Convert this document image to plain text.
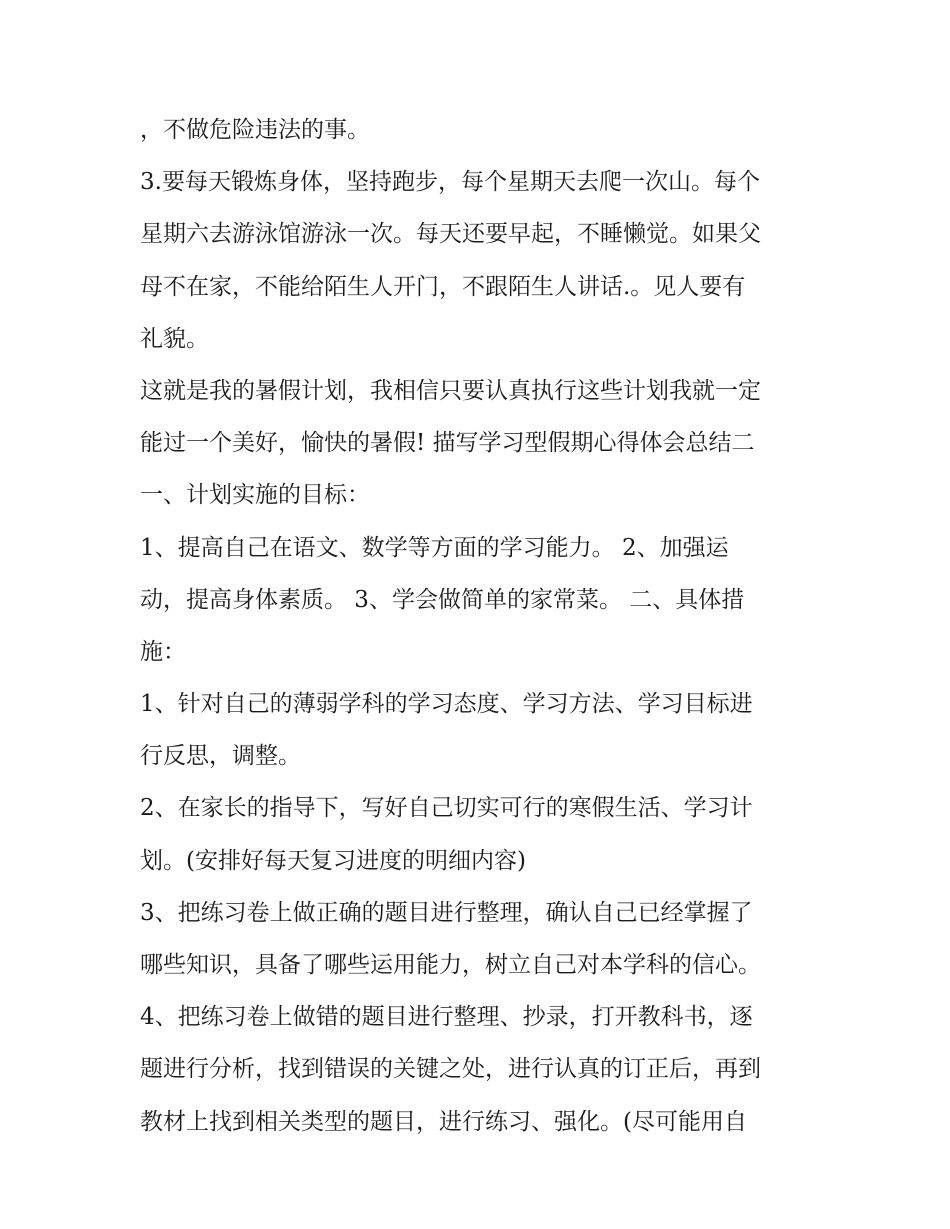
，不做危险违法的事。
3.要每天锻炼身体，坚持跑步，每个星期天去爬一次山。每个
星期六去游泳馆游泳一次。每天还要早起，不睡懒觉。如果父
母不在家，不能给陌生人开门，不跟陌生人讲话.。见人要有
礼貌。
这就是我的暑假计划，我相信只要认真执行这些计划我就一定
能过一个美好，愉快的暑假! 描写学习型假期心得体会总结二
一、计划实施的目标：
1、提高自己在语文、数学等方面的学习能力。 2、加强运
动，提高身体素质。 3、学会做简单的家常菜。 二、具体措
施：
1、针对自己的薄弱学科的学习态度、学习方法、学习目标进
行反思，调整。
2、在家长的指导下，写好自己切实可行的寒假生活、学习计
划。(安排好每天复习进度的明细内容)
3、把练习卷上做正确的题目进行整理，确认自己已经掌握了
哪些知识，具备了哪些运用能力，树立自己对本学科的信心。
4、把练习卷上做错的题目进行整理、抄录，打开教科书，逐
题进行分析，找到错误的关键之处，进行认真的订正后，再到
教材上找到相关类型的题目，进行练习、强化。(尽可能用自
